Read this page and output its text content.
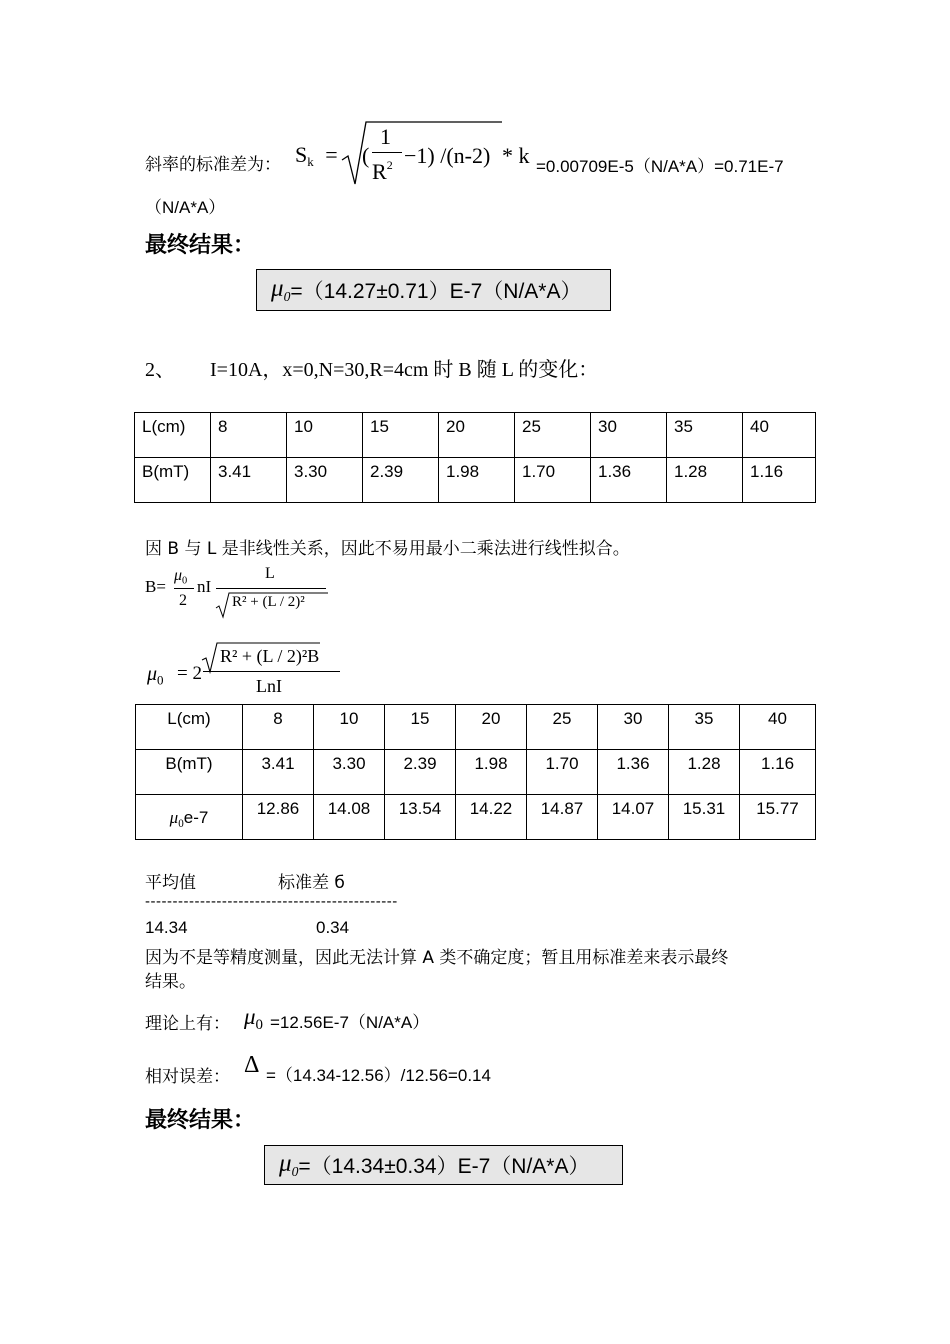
斜率的标准差为： Sk = (
1
$R^2 -1$) /(n-2) * k =0.00709E-5（N/A*A）=0.71E-7
（N/A*A）
最终结果：
$\mu_0 =(14.27\pm 0.71)E-7(N/A*A)$
2、 I=10A，x=0,N=30,R=4cm 时 B 随 L 的变化：
L(cm)	8	10	15	20	25	30	35	40
B(mT)	3.41	3.30	2.39	1.98	1.70	1.36	1.28	1.16
因 B 与 L 是非线性关系，因此不易用最小二乘法进行线性拟合。
B=
$\mu_0$
2
nI
L
R² + (L / 2)²
$\mu_0 = 2$
R² + (L / 2)²B
LnI
L(cm)	8	10	15	20	25	30	35	40
B(mT)	3.41	3.30	2.39	1.98	1.70	1.36	1.28	1.16
$\mu_0e-7$	12.86	14.08	13.54	14.22	14.87	14.07	15.31	15.77
平均值	标准差 б
----------------------------------------------
14.34	0.34
因为不是等精度测量，因此无法计算 A 类不确定度；暂且用标准差来表示最终
结果。
理论上有： $\mu_0 =12.56E-7(N/A*A)$
相对误差： Δ =（14.34-12.56）/12.56=0.14
最终结果：
$\mu_0 =(14.34\pm 0.34)E-7(N/A*A)$
